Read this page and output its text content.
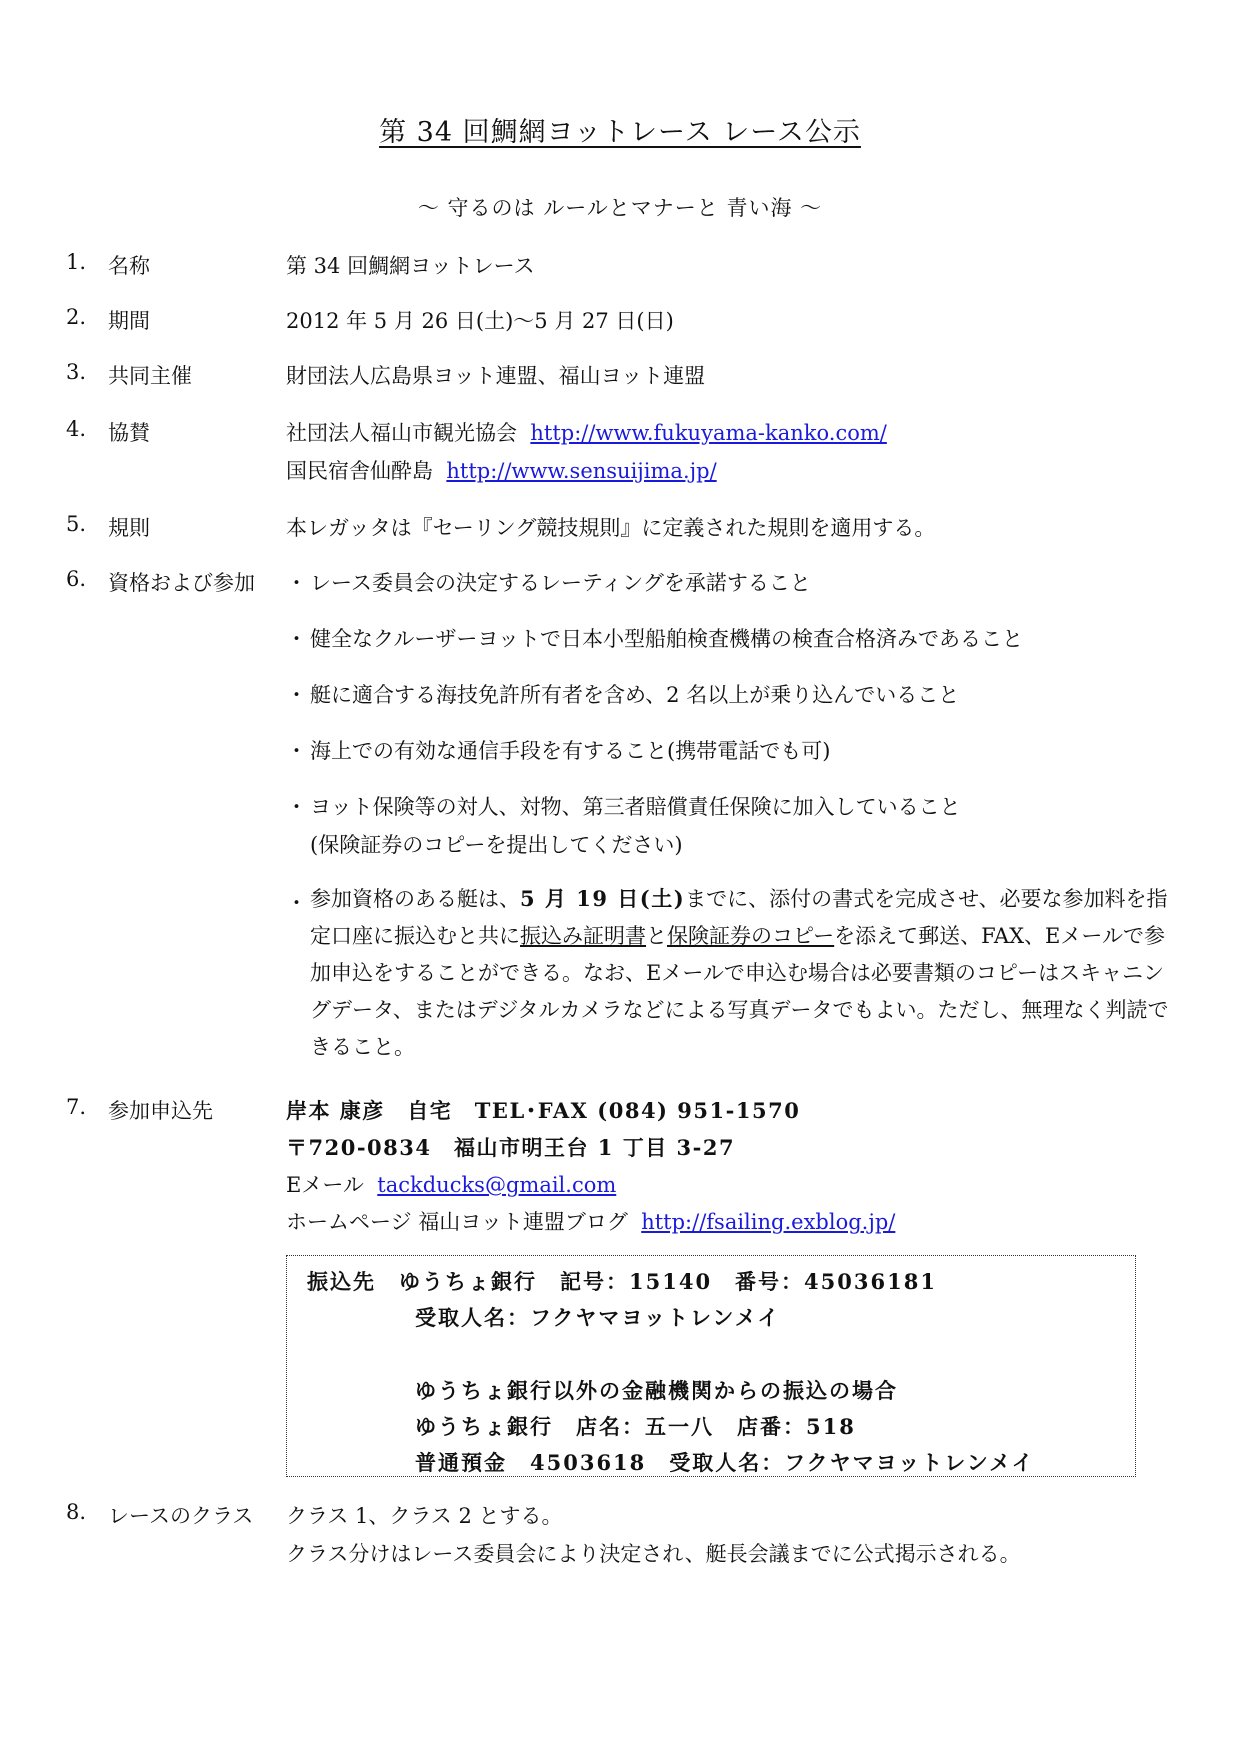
第 34 回鯛網ヨットレース レース公示
～ 守るのは ルールとマナーと 青い海 ～
1. 名称	第 34 回鯛網ヨットレース
2. 期間	2012 年 5 月 26 日(土)～5 月 27 日(日)
3. 共同主催	財団法人広島県ヨット連盟、福山ヨット連盟
4. 協賛	社団法人福山市観光協会 http://www.fukuyama-kanko.com/
国民宿舎仙酔島 http://www.sensuijima.jp/
5. 規則	本レガッタは『セーリング競技規則』に定義された規則を適用する。
6. 資格および参加 ・ レース委員会の決定するレーティングを承諾すること
・ 健全なクルーザーヨットで日本小型船舶検査機構の検査合格済みであること
・ 艇に適合する海技免許所有者を含め、2 名以上が乗り込んでいること
・ 海上での有効な通信手段を有すること(携帯電話でも可)
・ ヨット保険等の対人、対物、第三者賠償責任保険に加入していること
(保険証券のコピーを提出してください)
・ 参加資格のある艇は、5 月 19 日(土)までに、添付の書式を完成させ、必要な参加料を指定口座に振込むと共に振込み証明書と保険証券のコピーを添えて郵送、FAX、Eメールで参加申込をすることができる。なお、Eメールで申込む場合は必要書類のコピーはスキャニングデータ、またはデジタルカメラなどによる写真データでもよい。ただし、無理なく判読できること。
7. 参加申込先	岸本 康彦　自宅　TEL･FAX (084) 951-1570
〒720-0834　福山市明王台 1 丁目 3-27
Eメール tackducks@gmail.com
ホームページ 福山ヨット連盟ブログ http://fsailing.exblog.jp/
振込先　ゆうちょ銀行　記号：15140　番号：45036181
受取人名：フクヤマヨットレンメイ
ゆうちょ銀行以外の金融機関からの振込の場合
ゆうちょ銀行　店名：五一八　店番：518
普通預金　4503618　受取人名：フクヤマヨットレンメイ
8. レースのクラス クラス 1、クラス 2 とする。
クラス分けはレース委員会により決定され、艇長会議までに公式掲示される。
